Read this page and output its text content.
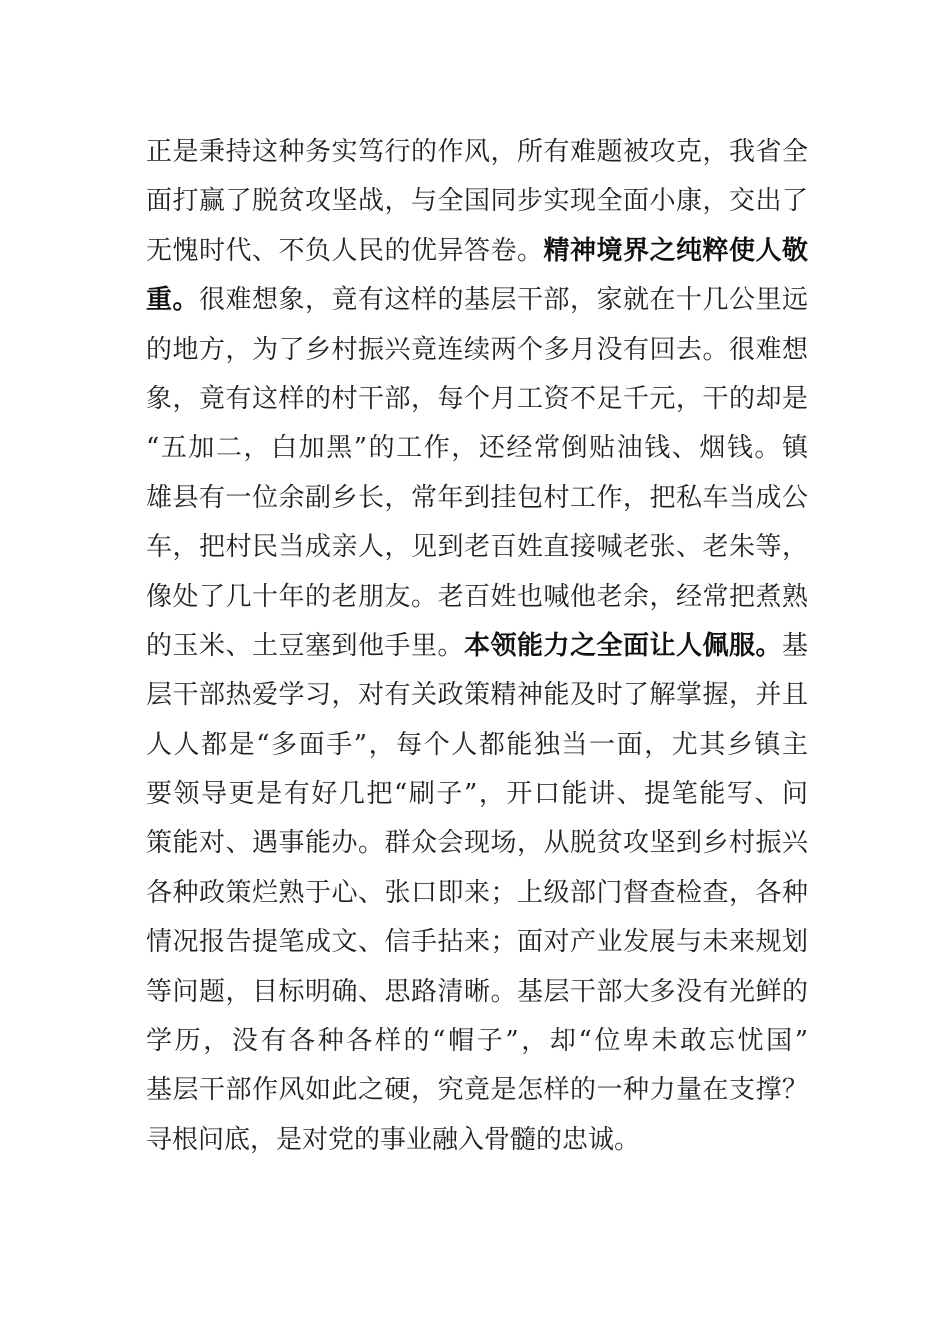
正是秉持这种务实笃行的作风，所有难题被攻克，我省全
面打赢了脱贫攻坚战，与全国同步实现全面小康，交出了
无愧时代、不负人民的优异答卷。精神境界之纯粹使人敬
重。很难想象，竟有这样的基层干部，家就在十几公里远
的地方，为了乡村振兴竟连续两个多月没有回去。很难想
象，竟有这样的村干部，每个月工资不足千元，干的却是
“五加二，白加黑”的工作，还经常倒贴油钱、烟钱。镇
雄县有一位余副乡长，常年到挂包村工作，把私车当成公
车，把村民当成亲人，见到老百姓直接喊老张、老朱等，
像处了几十年的老朋友。老百姓也喊他老余，经常把煮熟
的玉米、土豆塞到他手里。本领能力之全面让人佩服。基
层干部热爱学习，对有关政策精神能及时了解掌握，并且
人人都是“多面手”，每个人都能独当一面，尤其乡镇主
要领导更是有好几把“刷子”，开口能讲、提笔能写、问
策能对、遇事能办。群众会现场，从脱贫攻坚到乡村振兴
各种政策烂熟于心、张口即来；上级部门督查检查，各种
情况报告提笔成文、信手拈来；面对产业发展与未来规划
等问题，目标明确、思路清晰。基层干部大多没有光鲜的
学历，没有各种各样的“帽子”，却“位卑未敢忘忧国”
基层干部作风如此之硬，究竟是怎样的一种力量在支撑？
寻根问底，是对党的事业融入骨髓的忠诚。
